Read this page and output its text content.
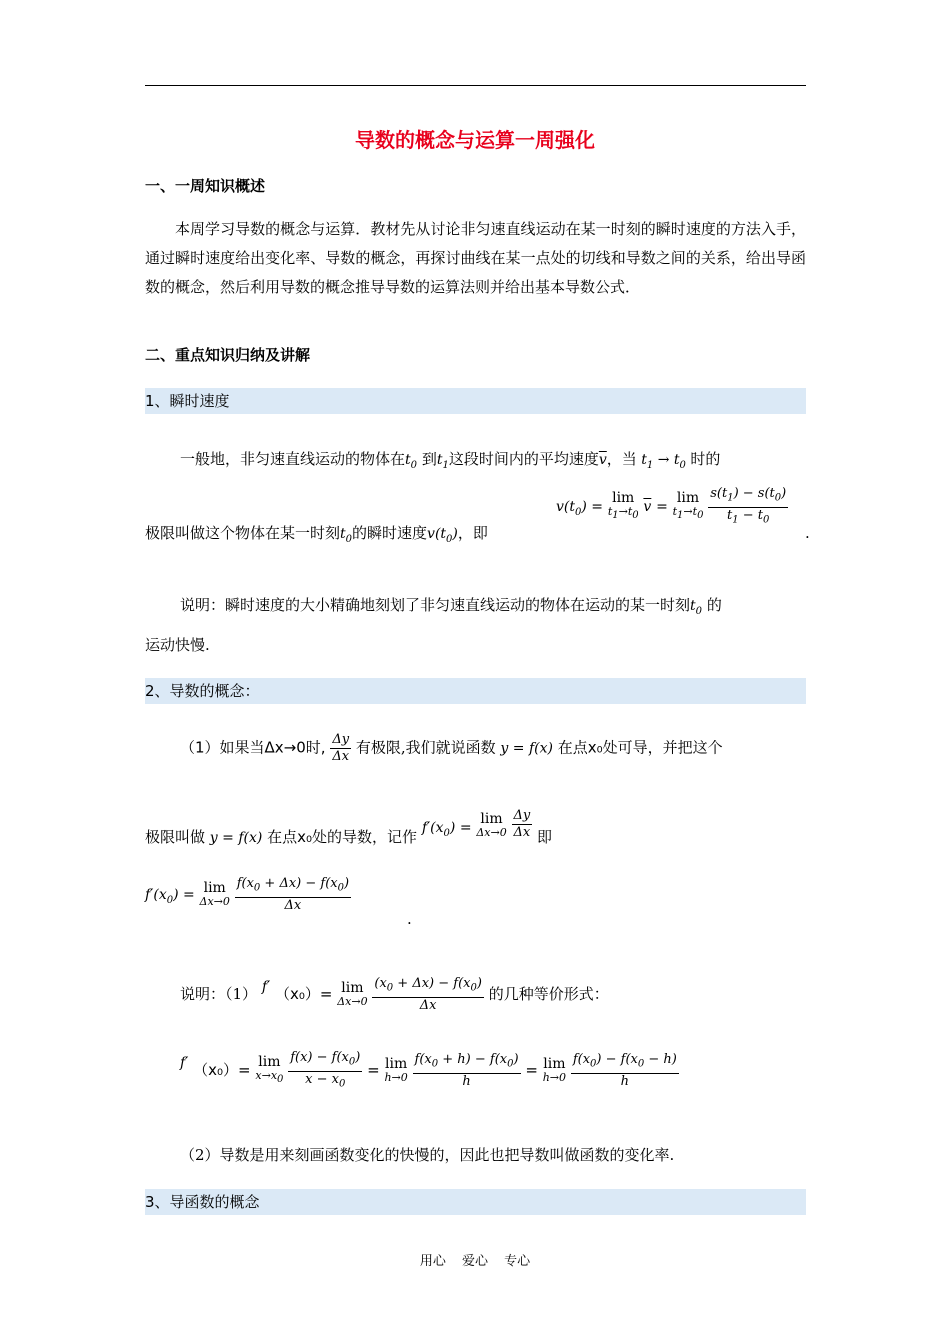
导数的概念与运算一周强化
一、一周知识概述
本周学习导数的概念与运算．教材先从讨论非匀速直线运动在某一时刻的瞬时速度的方法入手，通过瞬时速度给出变化率、导数的概念，再探讨曲线在某一点处的切线和导数之间的关系，给出导函数的概念，然后利用导数的概念推导导数的运算法则并给出基本导数公式．
二、重点知识归纳及讲解
1、瞬时速度
一般地，非匀速直线运动的物体在$t_0$ 到$t_1$这段时间内的平均速度$\overline{v}$，当 $t_1 \to t_0$ 时的
极限叫做这个物体在某一时刻$t_0$的瞬时速度$v(t_0)$，即
$v(t_0) = \lim$
$t_1\to t_0$
$\overline{v} = \lim$
$t_1\to t_0$
$\frac{s(t_1) - s(t_0)}{t_1 - t_0}$
.
说明：瞬时速度的大小精确地刻划了非匀速直线运动的物体在运动的某一时刻$t_0$ 的
运动快慢.
2、导数的概念：
（1）如果当Δx→0时, $\frac{\Delta y}{\Delta x}$ 有极限,我们就说函数 y = f(x) 在点x₀处可导，并把这个
极限叫做 y = f(x) 在点x₀处的导数，记作 $f'(x_0) = \lim$
Δx→0
$\frac{\Delta y}{\Delta x}$ 即
$f'(x_0) = \lim$
Δx→0
$\frac{f(x_0 + \Delta x) - f(x_0)}{\Delta x}$
.
说明：（1） f′ （x₀）= lim
Δx→0
$\frac{(x_0 + \Delta x) - f(x_0)}{\Delta x}$ 的几种等价形式：
f′ （x₀）= lim
$x\to x_0$
$\frac{f(x) - f(x_0)}{x - x_0} = \lim$
h→0
$\frac{f(x_0 + h) - f(x_0)}{h} = \lim$
h→0
$\frac{f(x_0) - f(x_0 - h)}{h}$
（2）导数是用来刻画函数变化的快慢的，因此也把导数叫做函数的变化率.
3、导函数的概念
用心 爱心 专心
